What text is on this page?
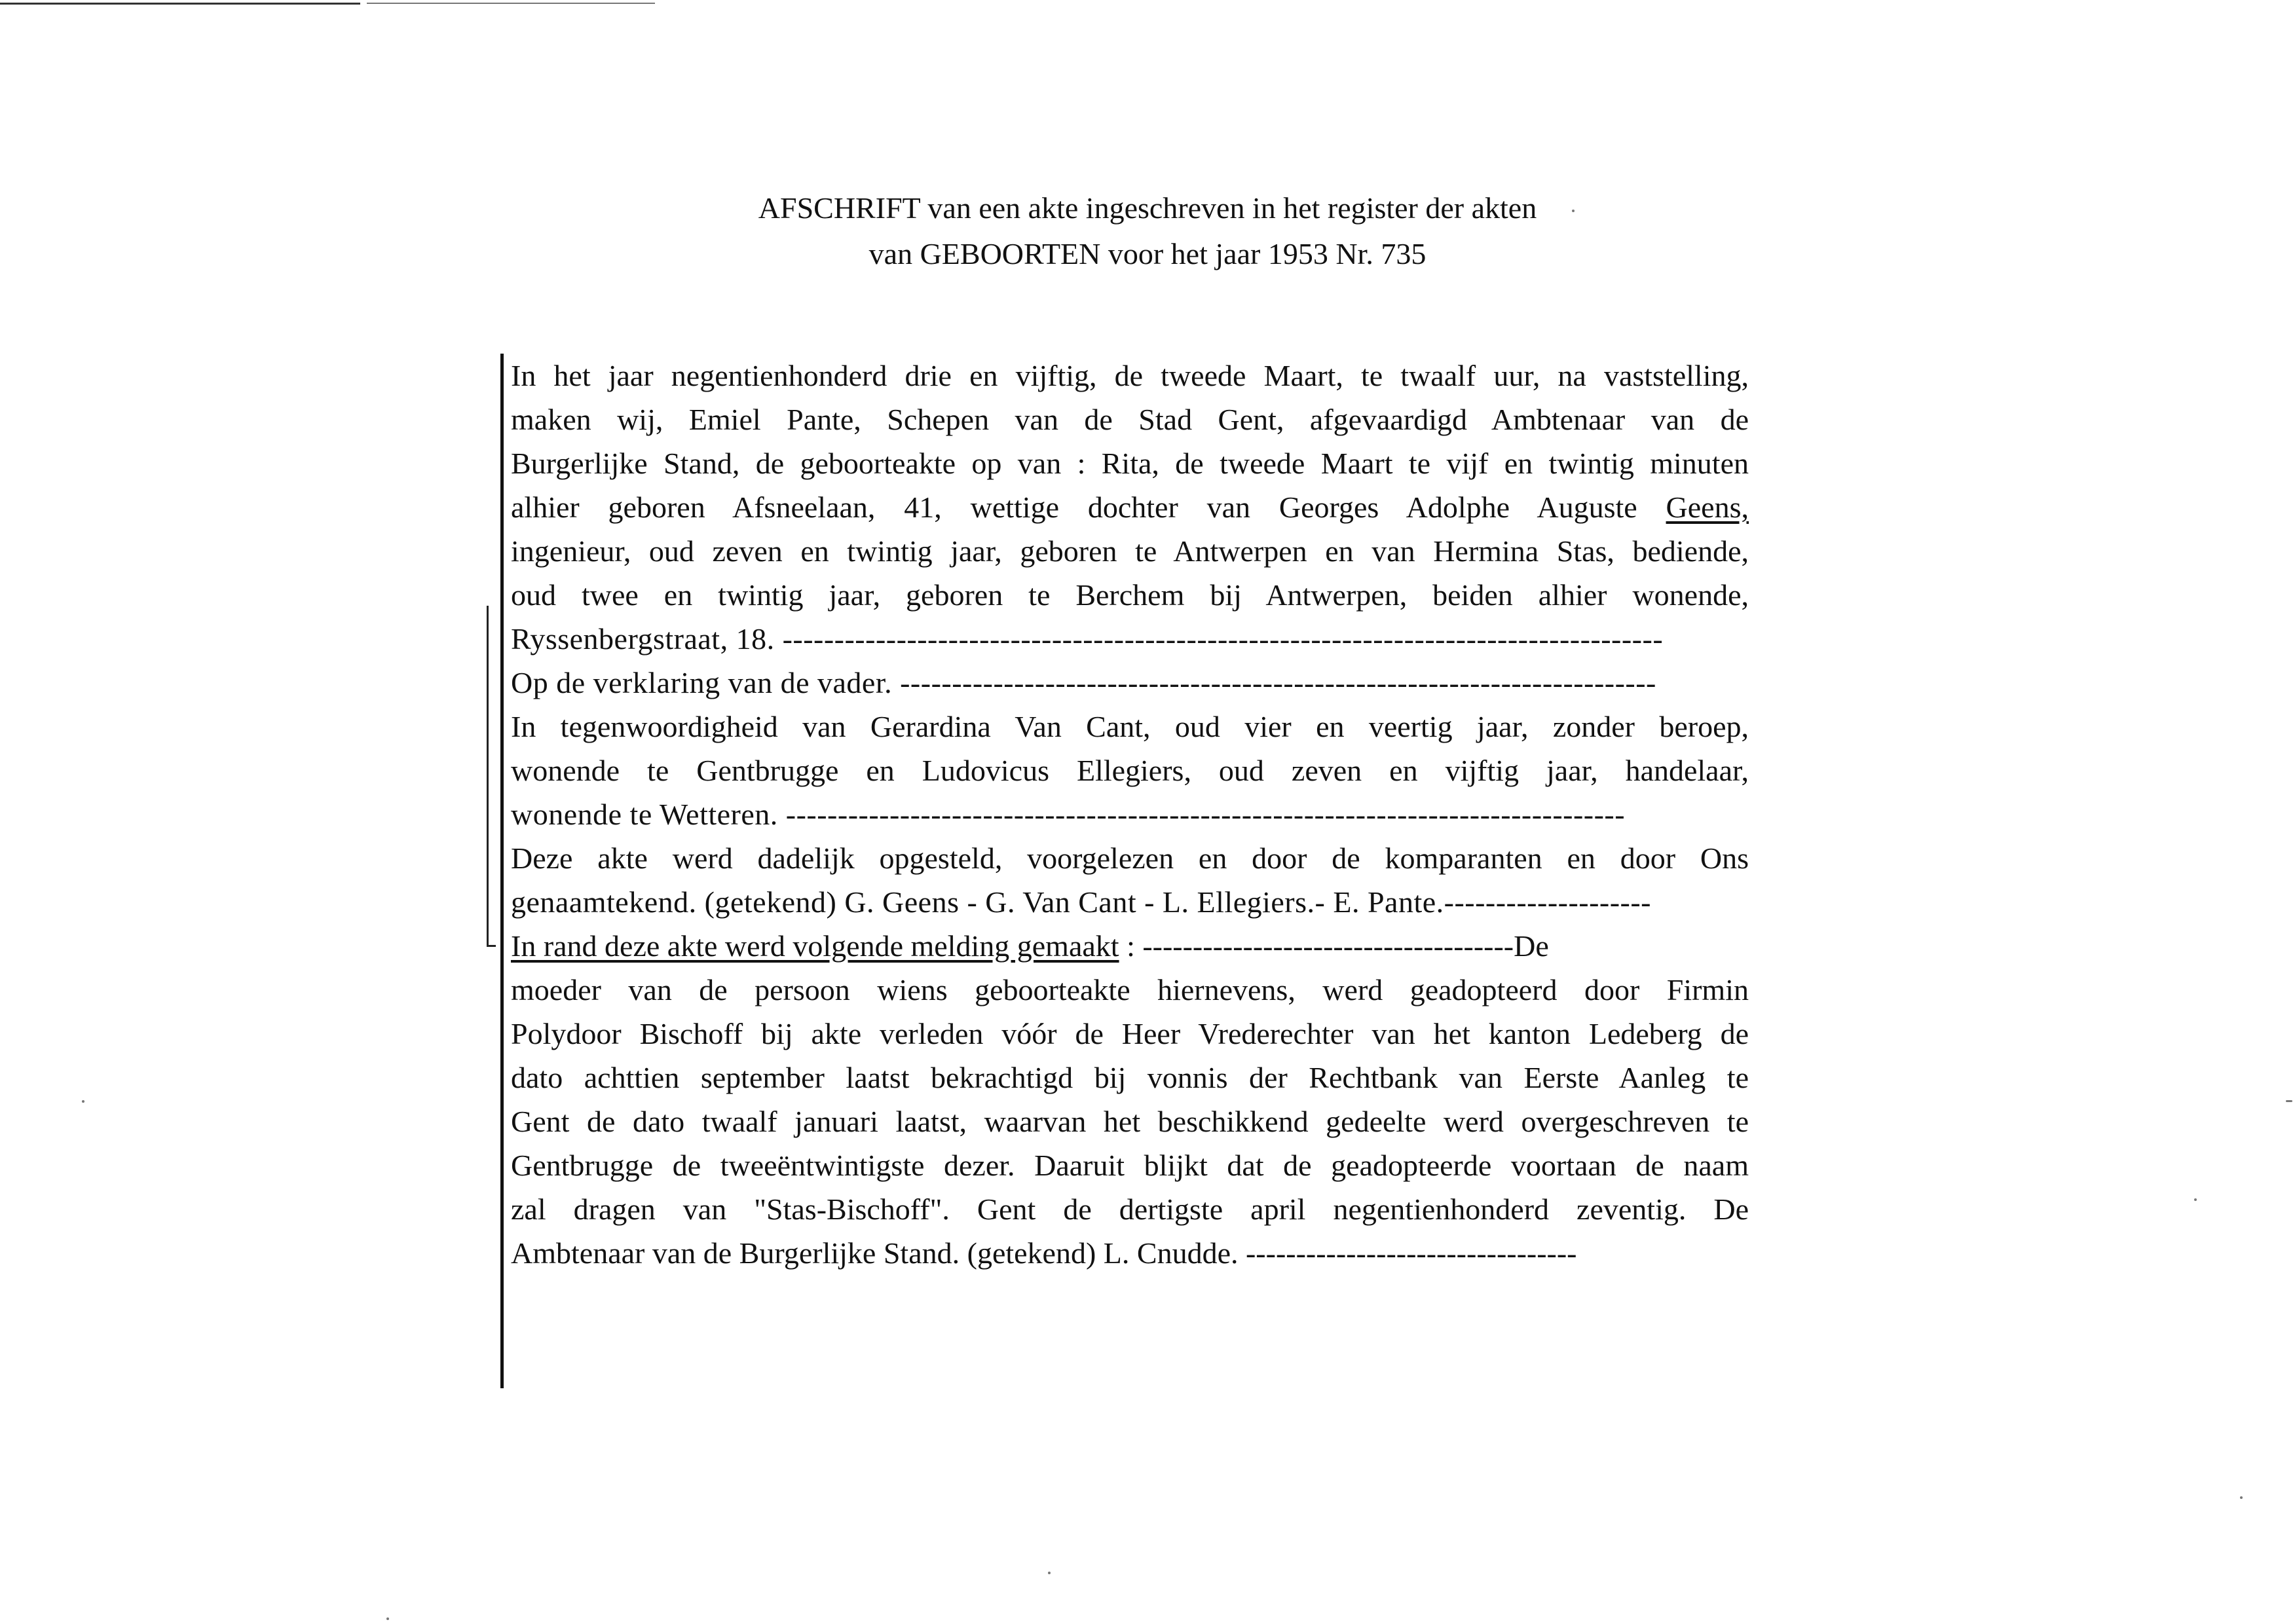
AFSCHRIFT van een akte ingeschreven in het register der akten
van GEBOORTEN voor het jaar 1953 Nr. 735
In het jaar negentienhonderd drie en vijftig, de tweede Maart, te twaalf uur, na vaststelling,
maken wij, Emiel Pante, Schepen van de Stad Gent, afgevaardigd Ambtenaar van de
Burgerlijke Stand, de geboorteakte op van : Rita, de tweede Maart te vijf en twintig minuten
alhier geboren Afsneelaan, 41, wettige dochter van Georges Adolphe Auguste Geens,
ingenieur, oud zeven en twintig jaar, geboren te Antwerpen en van Hermina Stas, bediende,
oud twee en twintig jaar, geboren te Berchem bij Antwerpen, beiden alhier wonende,
Ryssenbergstraat, 18. -------------------------------------------------------------------------------------
Op de verklaring van de vader. -------------------------------------------------------------------------
In tegenwoordigheid van Gerardina Van Cant, oud vier en veertig jaar, zonder beroep,
wonende te Gentbrugge en Ludovicus Ellegiers, oud zeven en vijftig jaar, handelaar,
wonende te Wetteren. ---------------------------------------------------------------------------------
Deze akte werd dadelijk opgesteld, voorgelezen en door de komparanten en door Ons
genaamtekend. (getekend) G. Geens - G. Van Cant - L. Ellegiers.- E. Pante.--------------------
In rand deze akte werd volgende melding gemaakt : -------------------------------------De
moeder van de persoon wiens geboorteakte hiernevens, werd geadopteerd door Firmin
Polydoor Bischoff bij akte verleden vóór de Heer Vrederechter van het kanton Ledeberg de
dato achttien september laatst bekrachtigd bij vonnis der Rechtbank van Eerste Aanleg te
Gent de dato twaalf januari laatst, waarvan het beschikkend gedeelte werd overgeschreven te
Gentbrugge de tweeëntwintigste dezer. Daaruit blijkt dat de geadopteerde voortaan de naam
zal dragen van "Stas-Bischoff". Gent de dertigste april negentienhonderd zeventig. De
Ambtenaar van de Burgerlijke Stand. (getekend) L. Cnudde. ---------------------------------
